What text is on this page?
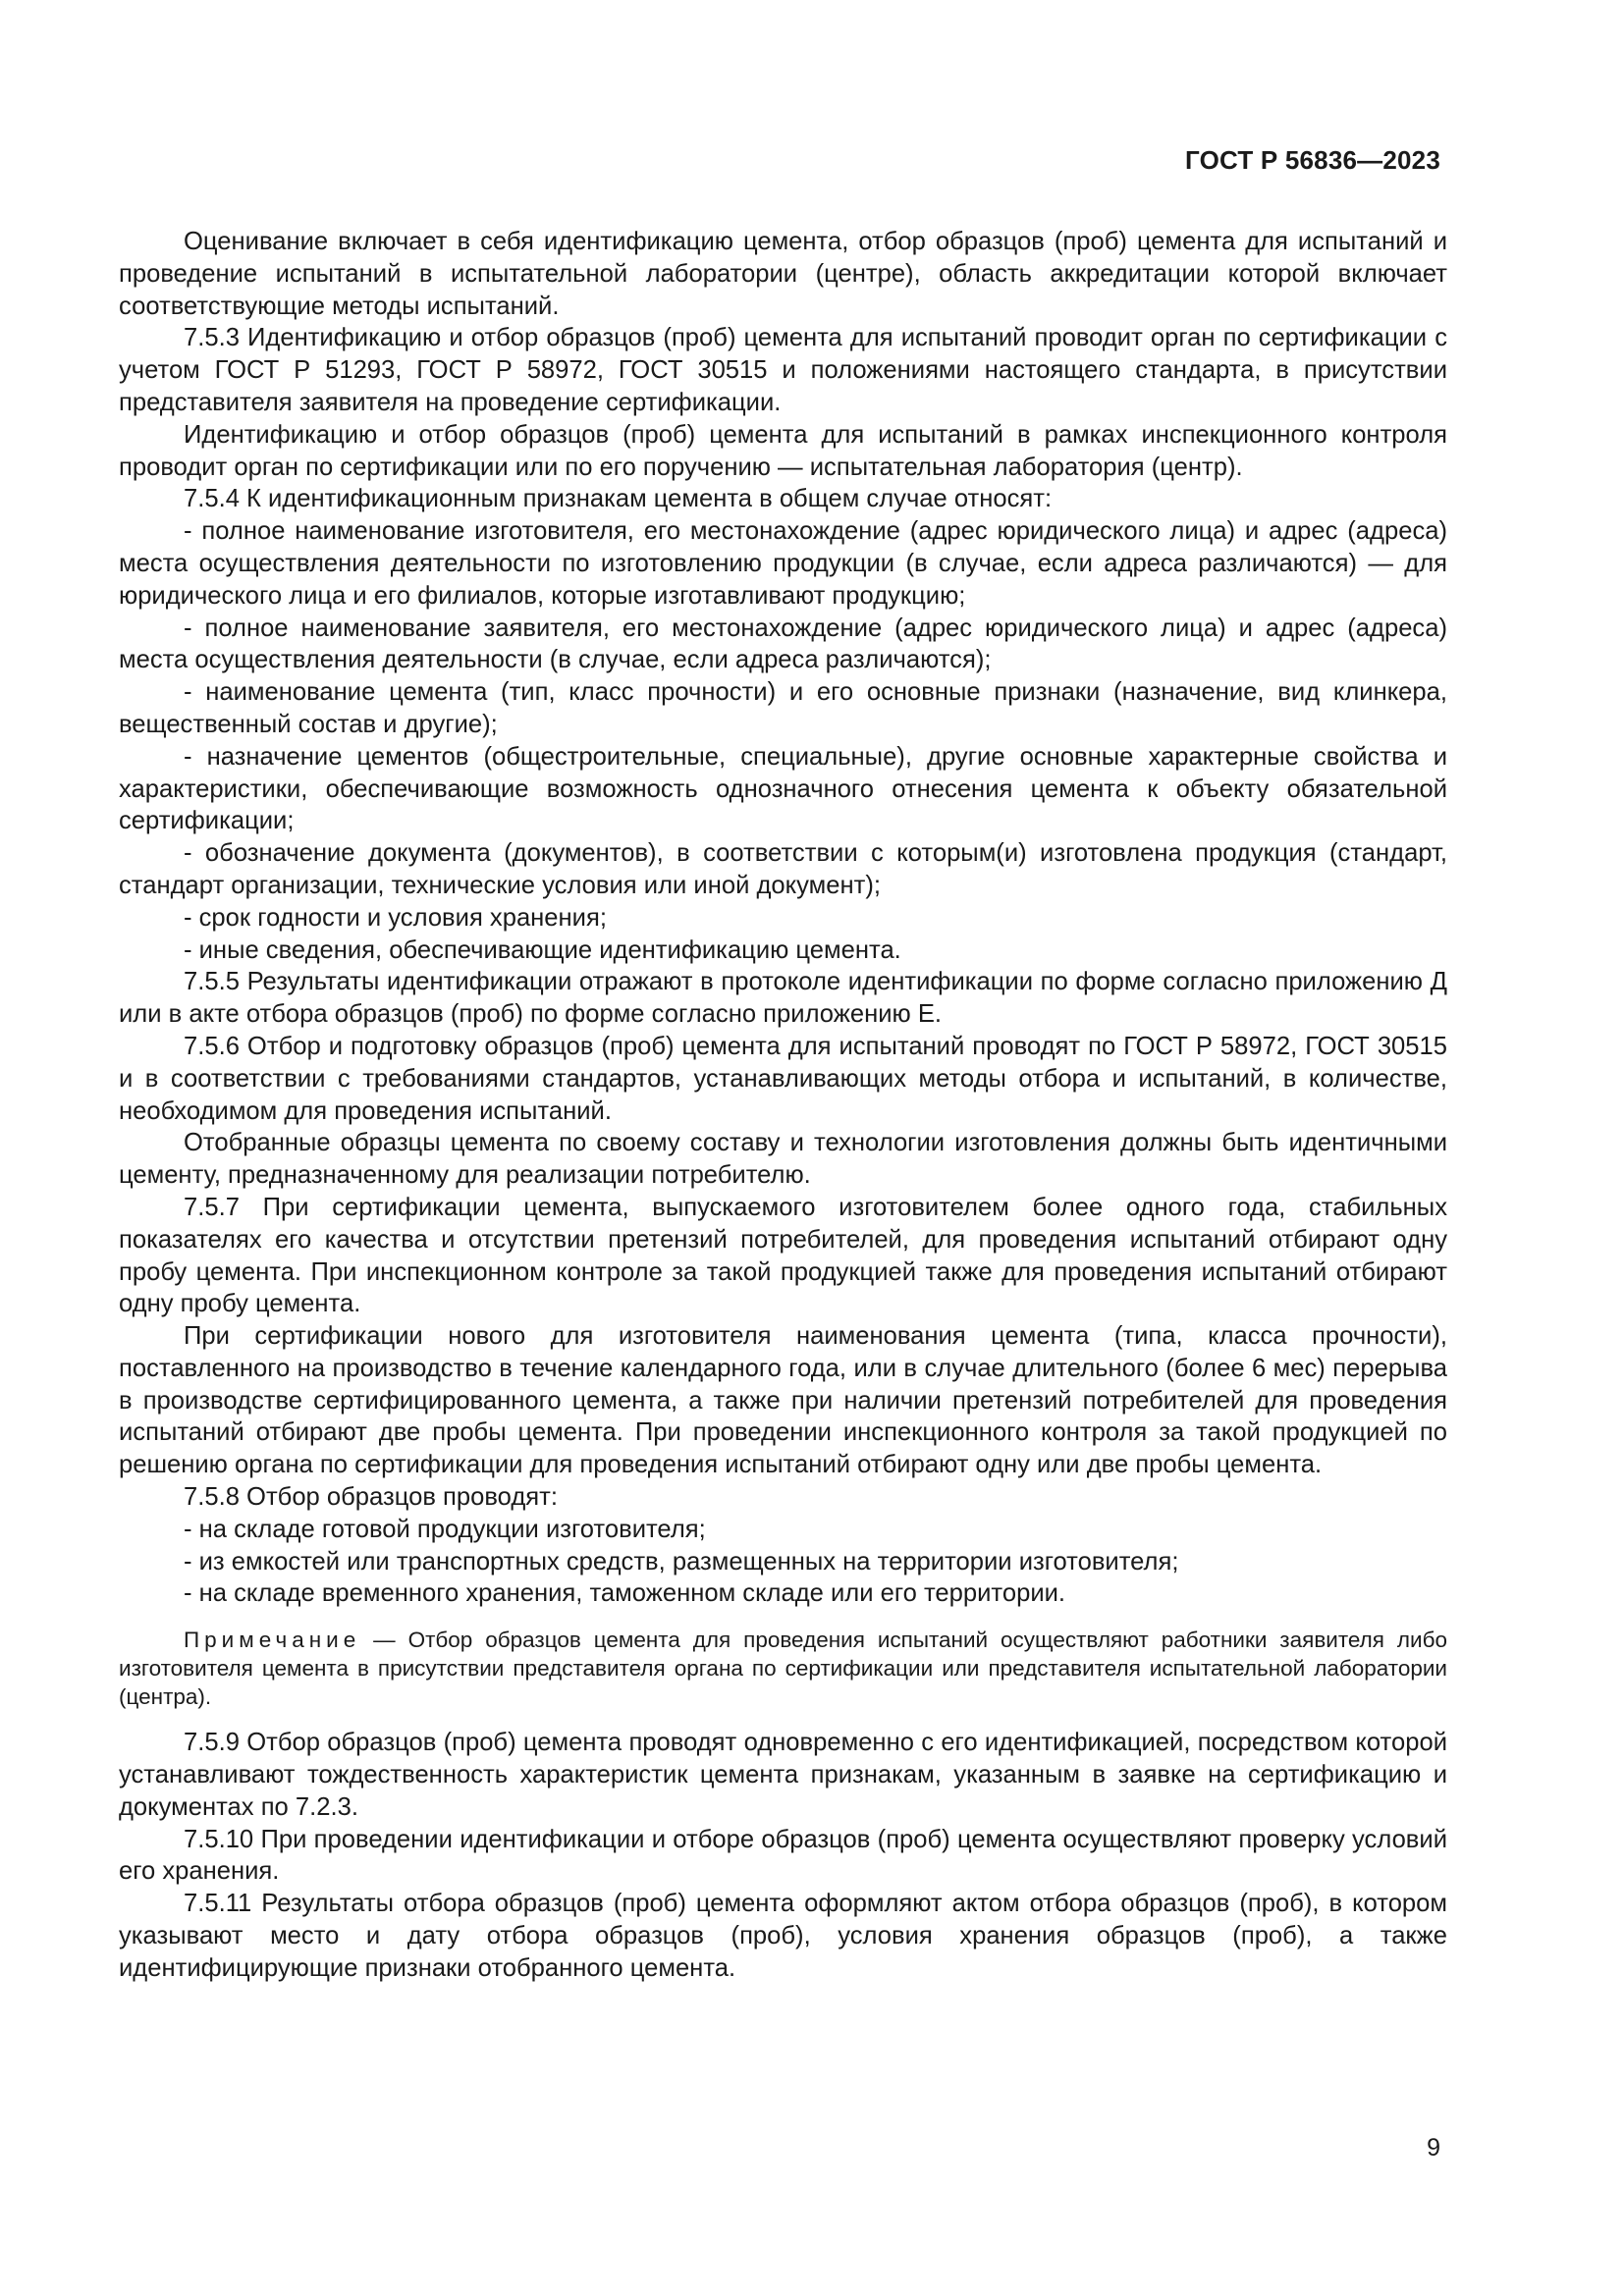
ГОСТ Р 56836—2023

Оценивание включает в себя идентификацию цемента, отбор образцов (проб) цемента для испытаний и проведение испытаний в испытательной лаборатории (центре), область аккредитации которой включает соответствующие методы испытаний.

7.5.3 Идентификацию и отбор образцов (проб) цемента для испытаний проводит орган по сертификации с учетом ГОСТ Р 51293, ГОСТ Р 58972, ГОСТ 30515 и положениями настоящего стандарта, в присутствии представителя заявителя на проведение сертификации.

Идентификацию и отбор образцов (проб) цемента для испытаний в рамках инспекционного контроля проводит орган по сертификации или по его поручению — испытательная лаборатория (центр).

7.5.4 К идентификационным признакам цемента в общем случае относят:

- полное наименование изготовителя, его местонахождение (адрес юридического лица) и адрес (адреса) места осуществления деятельности по изготовлению продукции (в случае, если адреса различаются) — для юридического лица и его филиалов, которые изготавливают продукцию;

- полное наименование заявителя, его местонахождение (адрес юридического лица) и адрес (адреса) места осуществления деятельности (в случае, если адреса различаются);

- наименование цемента (тип, класс прочности) и его основные признаки (назначение, вид клинкера, вещественный состав и другие);

- назначение цементов (общестроительные, специальные), другие основные характерные свойства и характеристики, обеспечивающие возможность однозначного отнесения цемента к объекту обязательной сертификации;

- обозначение документа (документов), в соответствии с которым(и) изготовлена продукция (стандарт, стандарт организации, технические условия или иной документ);

- срок годности и условия хранения;

- иные сведения, обеспечивающие идентификацию цемента.

7.5.5 Результаты идентификации отражают в протоколе идентификации по форме согласно приложению Д или в акте отбора образцов (проб) по форме согласно приложению Е.

7.5.6 Отбор и подготовку образцов (проб) цемента для испытаний проводят по ГОСТ Р 58972, ГОСТ 30515 и в соответствии с требованиями стандартов, устанавливающих методы отбора и испытаний, в количестве, необходимом для проведения испытаний.

Отобранные образцы цемента по своему составу и технологии изготовления должны быть идентичными цементу, предназначенному для реализации потребителю.

7.5.7 При сертификации цемента, выпускаемого изготовителем более одного года, стабильных показателях его качества и отсутствии претензий потребителей, для проведения испытаний отбирают одну пробу цемента. При инспекционном контроле за такой продукцией также для проведения испытаний отбирают одну пробу цемента.

При сертификации нового для изготовителя наименования цемента (типа, класса прочности), поставленного на производство в течение календарного года, или в случае длительного (более 6 мес) перерыва в производстве сертифицированного цемента, а также при наличии претензий потребителей для проведения испытаний отбирают две пробы цемента. При проведении инспекционного контроля за такой продукцией по решению органа по сертификации для проведения испытаний отбирают одну или две пробы цемента.

7.5.8 Отбор образцов проводят:

- на складе готовой продукции изготовителя;

- из емкостей или транспортных средств, размещенных на территории изготовителя;

- на складе временного хранения, таможенном складе или его территории.

Примечание — Отбор образцов цемента для проведения испытаний осуществляют работники заявителя либо изготовителя цемента в присутствии представителя органа по сертификации или представителя испытательной лаборатории (центра).

7.5.9 Отбор образцов (проб) цемента проводят одновременно с его идентификацией, посредством которой устанавливают тождественность характеристик цемента признакам, указанным в заявке на сертификацию и документах по 7.2.3.

7.5.10 При проведении идентификации и отборе образцов (проб) цемента осуществляют проверку условий его хранения.

7.5.11 Результаты отбора образцов (проб) цемента оформляют актом отбора образцов (проб), в котором указывают место и дату отбора образцов (проб), условия хранения образцов (проб), а также идентифицирующие признаки отобранного цемента.

9
